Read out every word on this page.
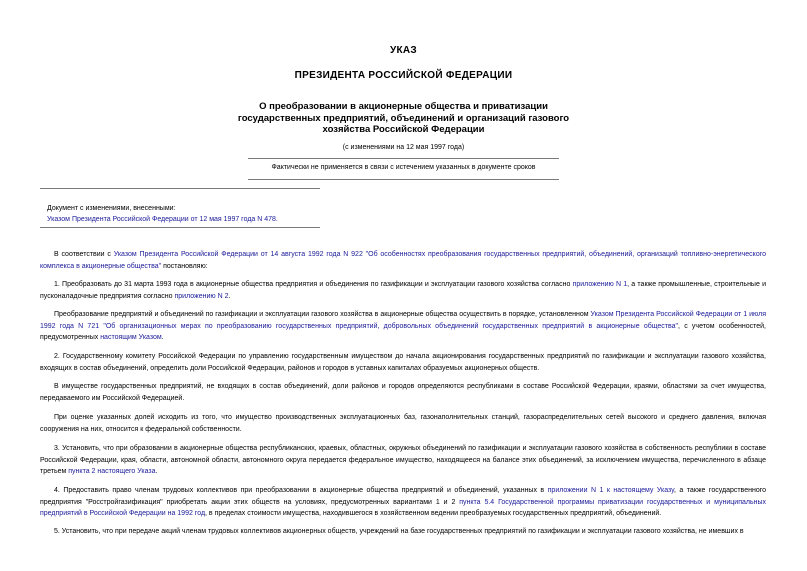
УКАЗ
ПРЕЗИДЕНТА РОССИЙСКОЙ ФЕДЕРАЦИИ
О преобразовании в акционерные общества и приватизации
государственных предприятий, объединений и организаций газового
хозяйства Российской Федерации
(с изменениями на 12 мая 1997 года)
Фактически не применяется в связи с истечением указанных в документе сроков
Документ с изменениями, внесенными:
Указом Президента Российской Федерации от 12 мая 1997 года N 478.
В соответствии с Указом Президента Российской Федерации от 14 августа 1992 года N 922 "Об особенностях преобразования государственных предприятий, объединений, организаций топливно-энергетического комплекса в акционерные общества" постановляю:
1. Преобразовать до 31 марта 1993 года в акционерные общества предприятия и объединения по газификации и эксплуатации газового хозяйства согласно приложению N 1, а также промышленные, строительные и пусконаладочные предприятия согласно приложению N 2.
Преобразование предприятий и объединений по газификации и эксплуатации газового хозяйства в акционерные общества осуществить в порядке, установленном Указом Президента Российской Федерации от 1 июля 1992 года N 721 "Об организационных мерах по преобразованию государственных предприятий, добровольных объединений государственных предприятий в акционерные общества", с учетом особенностей, предусмотренных настоящим Указом.
2. Государственному комитету Российской Федерации по управлению государственным имуществом до начала акционирования государственных предприятий по газификации и эксплуатации газового хозяйства, входящих в состав объединений, определить доли Российской Федерации, районов и городов в уставных капиталах образуемых акционерных обществ.
В имуществе государственных предприятий, не входящих в состав объединений, доли районов и городов определяются республиками в составе Российской Федерации, краями, областями за счет имущества, передаваемого им Российской Федерацией.
При оценке указанных долей исходить из того, что имущество производственных эксплуатационных баз, газонаполнительных станций, газораспределительных сетей высокого и среднего давления, включая сооружения на них, относится к федеральной собственности.
3. Установить, что при образовании в акционерные общества республиканских, краевых, областных, окружных объединений по газификации и эксплуатации газового хозяйства в собственность республики в составе Российской Федерации, края, области, автономной области, автономного округа передается федеральное имущество, находящееся на балансе этих объединений, за исключением имущества, перечисленного в абзаце третьем пункта 2 настоящего Указа.
4. Предоставить право членам трудовых коллективов при преобразовании в акционерные общества предприятий и объединений, указанных в приложении N 1 к настоящему Указу, а также государственного предприятия "Росстройгазификация" приобретать акции этих обществ на условиях, предусмотренных вариантами 1 и 2 пункта 5.4 Государственной программы приватизации государственных и муниципальных предприятий в Российской Федерации на 1992 год, в пределах стоимости имущества, находившегося в хозяйственном ведении преобразуемых государственных предприятий, объединений.
5. Установить, что при передаче акций членам трудовых коллективов акционерных обществ, учреждений на базе государственных предприятий по газификации и эксплуатации газового хозяйства, не имевших в
